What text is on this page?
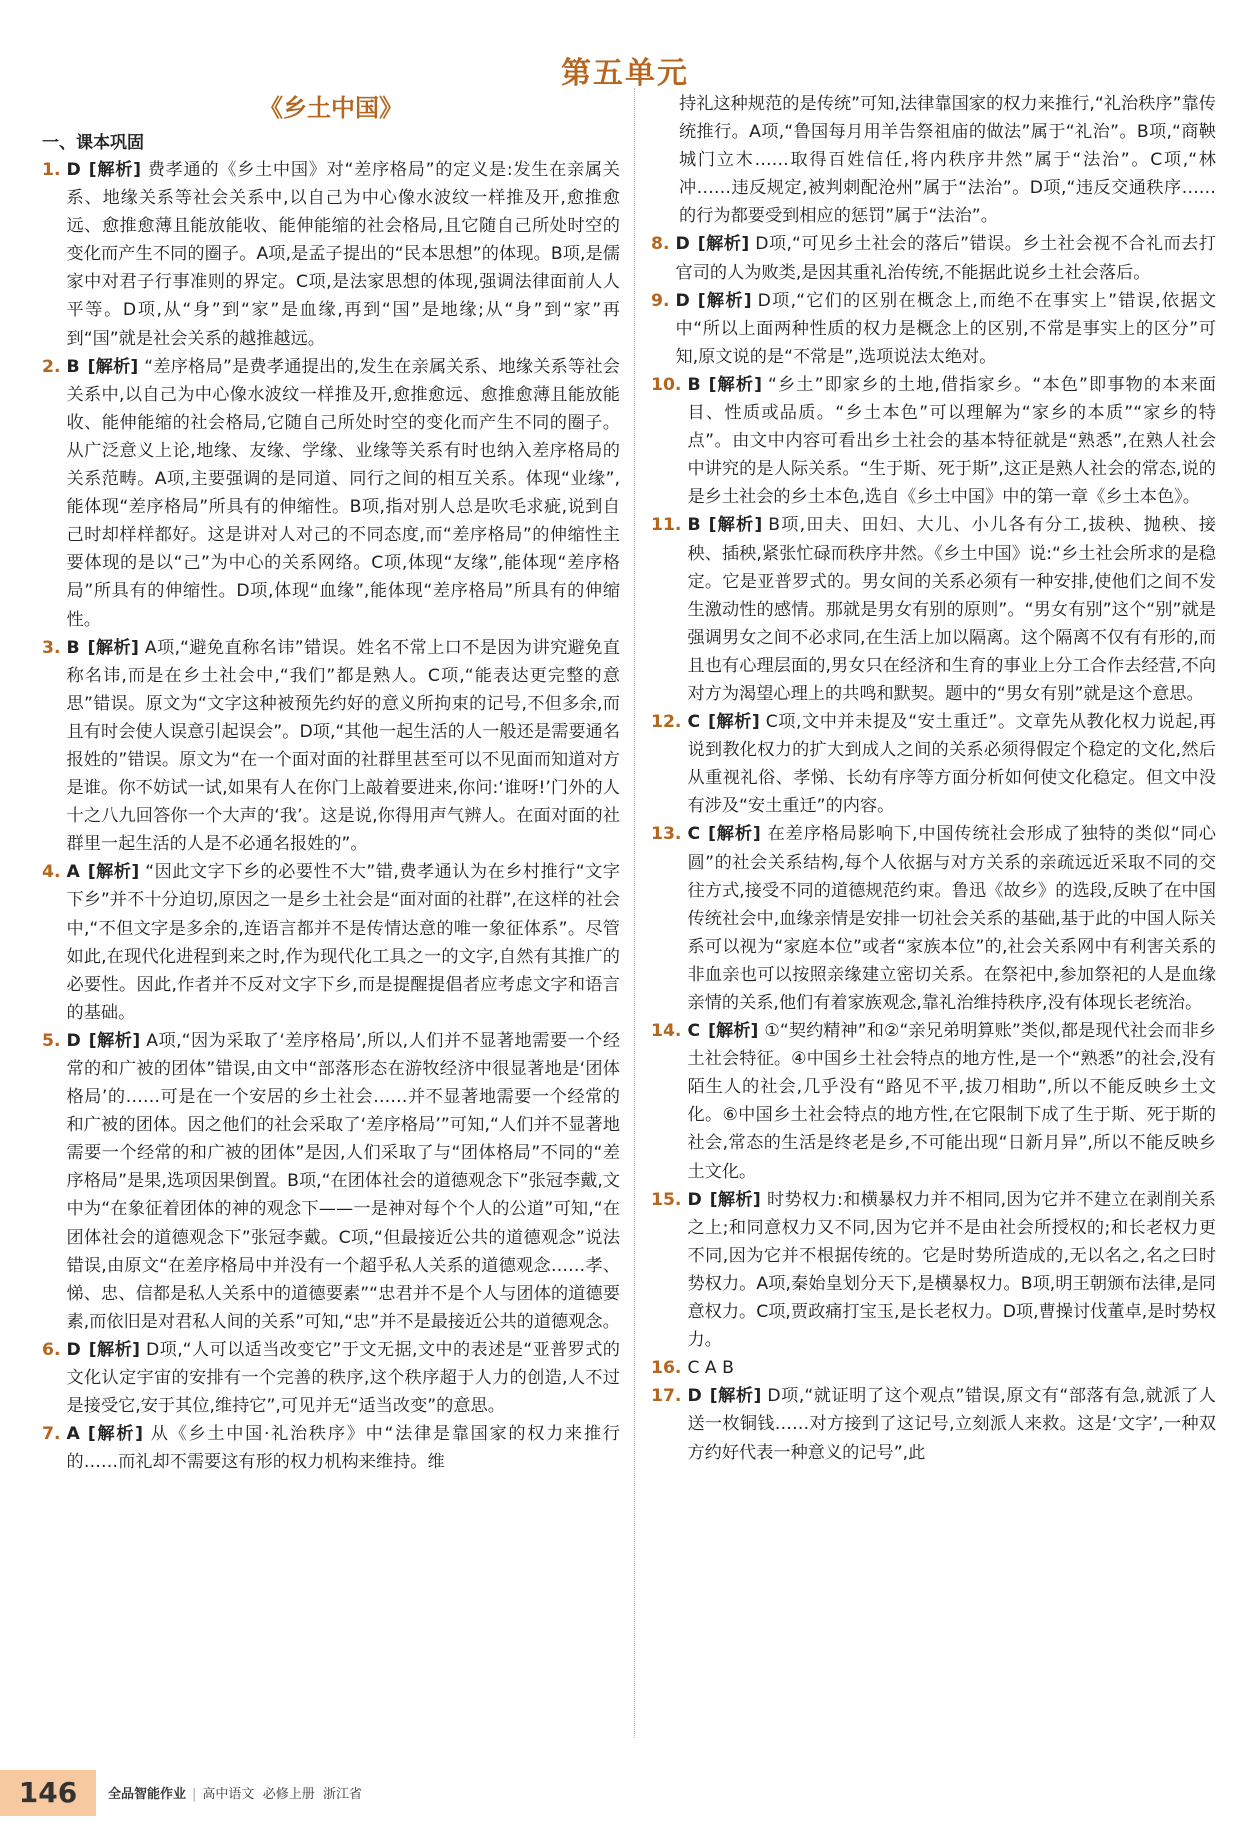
第五单元
《乡土中国》
一、课本巩固
1. D [解析] 费孝通的《乡土中国》对“差序格局”的定义是:发生在亲属关系、地缘关系等社会关系中,以自己为中心像水波纹一样推及开,愈推愈远、愈推愈薄且能放能收、能伸能缩的社会格局,且它随自己所处时空的变化而产生不同的圈子。A项,是孟子提出的“民本思想”的体现。B项,是儒家中对君子行事准则的界定。C项,是法家思想的体现,强调法律面前人人平等。D项,从“身”到“家”是血缘,再到“国”是地缘;从“身”到“家”再到“国”就是社会关系的越推越远。
2. B [解析] “差序格局”是费孝通提出的,发生在亲属关系、地缘关系等社会关系中,以自己为中心像水波纹一样推及开,愈推愈远、愈推愈薄且能放能收、能伸能缩的社会格局,它随自己所处时空的变化而产生不同的圈子。从广泛意义上论,地缘、友缘、学缘、业缘等关系有时也纳入差序格局的关系范畴。A项,主要强调的是同道、同行之间的相互关系。体现“业缘”,能体现“差序格局”所具有的伸缩性。B项,指对别人总是吹毛求疵,说到自己时却样样都好。这是讲对人对己的不同态度,而“差序格局”的伸缩性主要体现的是以“己”为中心的关系网络。C项,体现“友缘”,能体现“差序格局”所具有的伸缩性。D项,体现“血缘”,能体现“差序格局”所具有的伸缩性。
3. B [解析] A项,“避免直称名讳”错误。姓名不常上口不是因为讲究避免直称名讳,而是在乡土社会中,“我们”都是熟人。C项,“能表达更完整的意思”错误。原文为“文字这种被预先约好的意义所拘束的记号,不但多余,而且有时会使人误意引起误会”。D项,“其他一起生活的人一般还是需要通名报姓的”错误。原文为“在一个面对面的社群里甚至可以不见面而知道对方是谁。你不妨试一试,如果有人在你门上敲着要进来,你问:‘谁呀!’门外的人十之八九回答你一个大声的‘我’。这是说,你得用声气辨人。在面对面的社群里一起生活的人是不必通名报姓的”。
4. A [解析] “因此文字下乡的必要性不大”错,费孝通认为在乡村推行“文字下乡”并不十分迫切,原因之一是乡土社会是“面对面的社群”,在这样的社会中,“不但文字是多余的,连语言都并不是传情达意的唯一象征体系”。尽管如此,在现代化进程到来之时,作为现代化工具之一的文字,自然有其推广的必要性。因此,作者并不反对文字下乡,而是提醒提倡者应考虑文字和语言的基础。
5. D [解析] A项,“因为采取了‘差序格局’,所以,人们并不显著地需要一个经常的和广被的团体”错误,由文中“部落形态在游牧经济中很显著地是‘团体格局’的……可是在一个安居的乡土社会……并不显著地需要一个经常的和广被的团体。因之他们的社会采取了‘差序格局’”可知,“人们并不显著地需要一个经常的和广被的团体”是因,人们采取了与“团体格局”不同的“差序格局”是果,选项因果倒置。B项,“在团体社会的道德观念下”张冠李戴,文中为“在象征着团体的神的观念下——一是神对每个个人的公道”可知,“在团体社会的道德观念下”张冠李戴。C项,“但最接近公共的道德观念”说法错误,由原文“在差序格局中并没有一个超乎私人关系的道德观念……孝、悌、忠、信都是私人关系中的道德要素”“忠君并不是个人与团体的道德要素,而依旧是对君私人间的关系”可知,“忠”并不是最接近公共的道德观念。
6. D [解析] D项,“人可以适当改变它”于文无据,文中的表述是“亚普罗式的文化认定宇宙的安排有一个完善的秩序,这个秩序超于人力的创造,人不过是接受它,安于其位,维持它”,可见并无“适当改变”的意思。
7. A [解析] 从《乡土中国·礼治秩序》中“法律是靠国家的权力来推行的……而礼却不需要这有形的权力机构来维持。维
持礼这种规范的是传统”可知,法律靠国家的权力来推行,“礼治秩序”靠传统推行。A项,“鲁国每月用羊告祭祖庙的做法”属于“礼治”。B项,“商鞅城门立木……取得百姓信任,将内秩序井然”属于“法治”。C项,“林冲……违反规定,被判刺配沧州”属于“法治”。D项,“违反交通秩序……的行为都要受到相应的惩罚”属于“法治”。
8. D [解析] D项,“可见乡土社会的落后”错误。乡土社会视不合礼而去打官司的人为败类,是因其重礼治传统,不能据此说乡土社会落后。
9. D [解析] D项,“它们的区别在概念上,而绝不在事实上”错误,依据文中“所以上面两种性质的权力是概念上的区别,不常是事实上的区分”可知,原文说的是“不常是”,选项说法太绝对。
10. B [解析] “乡土”即家乡的土地,借指家乡。“本色”即事物的本来面目、性质或品质。“乡土本色”可以理解为“家乡的本质”“家乡的特点”。由文中内容可看出乡土社会的基本特征就是“熟悉”,在熟人社会中讲究的是人际关系。“生于斯、死于斯”,这正是熟人社会的常态,说的是乡土社会的乡土本色,选自《乡土中国》中的第一章《乡土本色》。
11. B [解析] B项,田夫、田妇、大儿、小儿各有分工,拔秧、抛秧、接秧、插秧,紧张忙碌而秩序井然。《乡土中国》说:“乡土社会所求的是稳定。它是亚普罗式的。男女间的关系必须有一种安排,使他们之间不发生激动性的感情。那就是男女有别的原则”。“男女有别”这个“别”就是强调男女之间不必求同,在生活上加以隔离。这个隔离不仅有有形的,而且也有心理层面的,男女只在经济和生育的事业上分工合作去经营,不向对方为渴望心理上的共鸣和默契。题中的“男女有别”就是这个意思。
12. C [解析] C项,文中并未提及“安土重迁”。文章先从教化权力说起,再说到教化权力的扩大到成人之间的关系必须得假定个稳定的文化,然后从重视礼俗、孝悌、长幼有序等方面分析如何使文化稳定。但文中没有涉及“安土重迁”的内容。
13. C [解析] 在差序格局影响下,中国传统社会形成了独特的类似“同心圆”的社会关系结构,每个人依据与对方关系的亲疏远近采取不同的交往方式,接受不同的道德规范约束。鲁迅《故乡》的选段,反映了在中国传统社会中,血缘亲情是安排一切社会关系的基础,基于此的中国人际关系可以视为“家庭本位”或者“家族本位”的,社会关系网中有利害关系的非血亲也可以按照亲缘建立密切关系。在祭祀中,参加祭祀的人是血缘亲情的关系,他们有着家族观念,靠礼治维持秩序,没有体现长老统治。
14. C [解析] ①“契约精神”和②“亲兄弟明算账”类似,都是现代社会而非乡土社会特征。④中国乡土社会特点的地方性,是一个“熟悉”的社会,没有陌生人的社会,几乎没有“路见不平,拔刀相助”,所以不能反映乡土文化。⑥中国乡土社会特点的地方性,在它限制下成了生于斯、死于斯的社会,常态的生活是终老是乡,不可能出现“日新月异”,所以不能反映乡土文化。
15. D [解析] 时势权力:和横暴权力并不相同,因为它并不建立在剥削关系之上;和同意权力又不同,因为它并不是由社会所授权的;和长老权力更不同,因为它并不根据传统的。它是时势所造成的,无以名之,名之曰时势权力。A项,秦始皇划分天下,是横暴权力。B项,明王朝颁布法律,是同意权力。C项,贾政痛打宝玉,是长老权力。D项,曹操讨伐董卓,是时势权力。
16. C A B
17. D [解析] D项,“就证明了这个观点”错误,原文有“部落有急,就派了人送一枚铜钱……对方接到了这记号,立刻派人来救。这是‘文字’,一种双方约好代表一种意义的记号”,此
146	全品智能作业 | 高中语文 必修上册 浙江省
